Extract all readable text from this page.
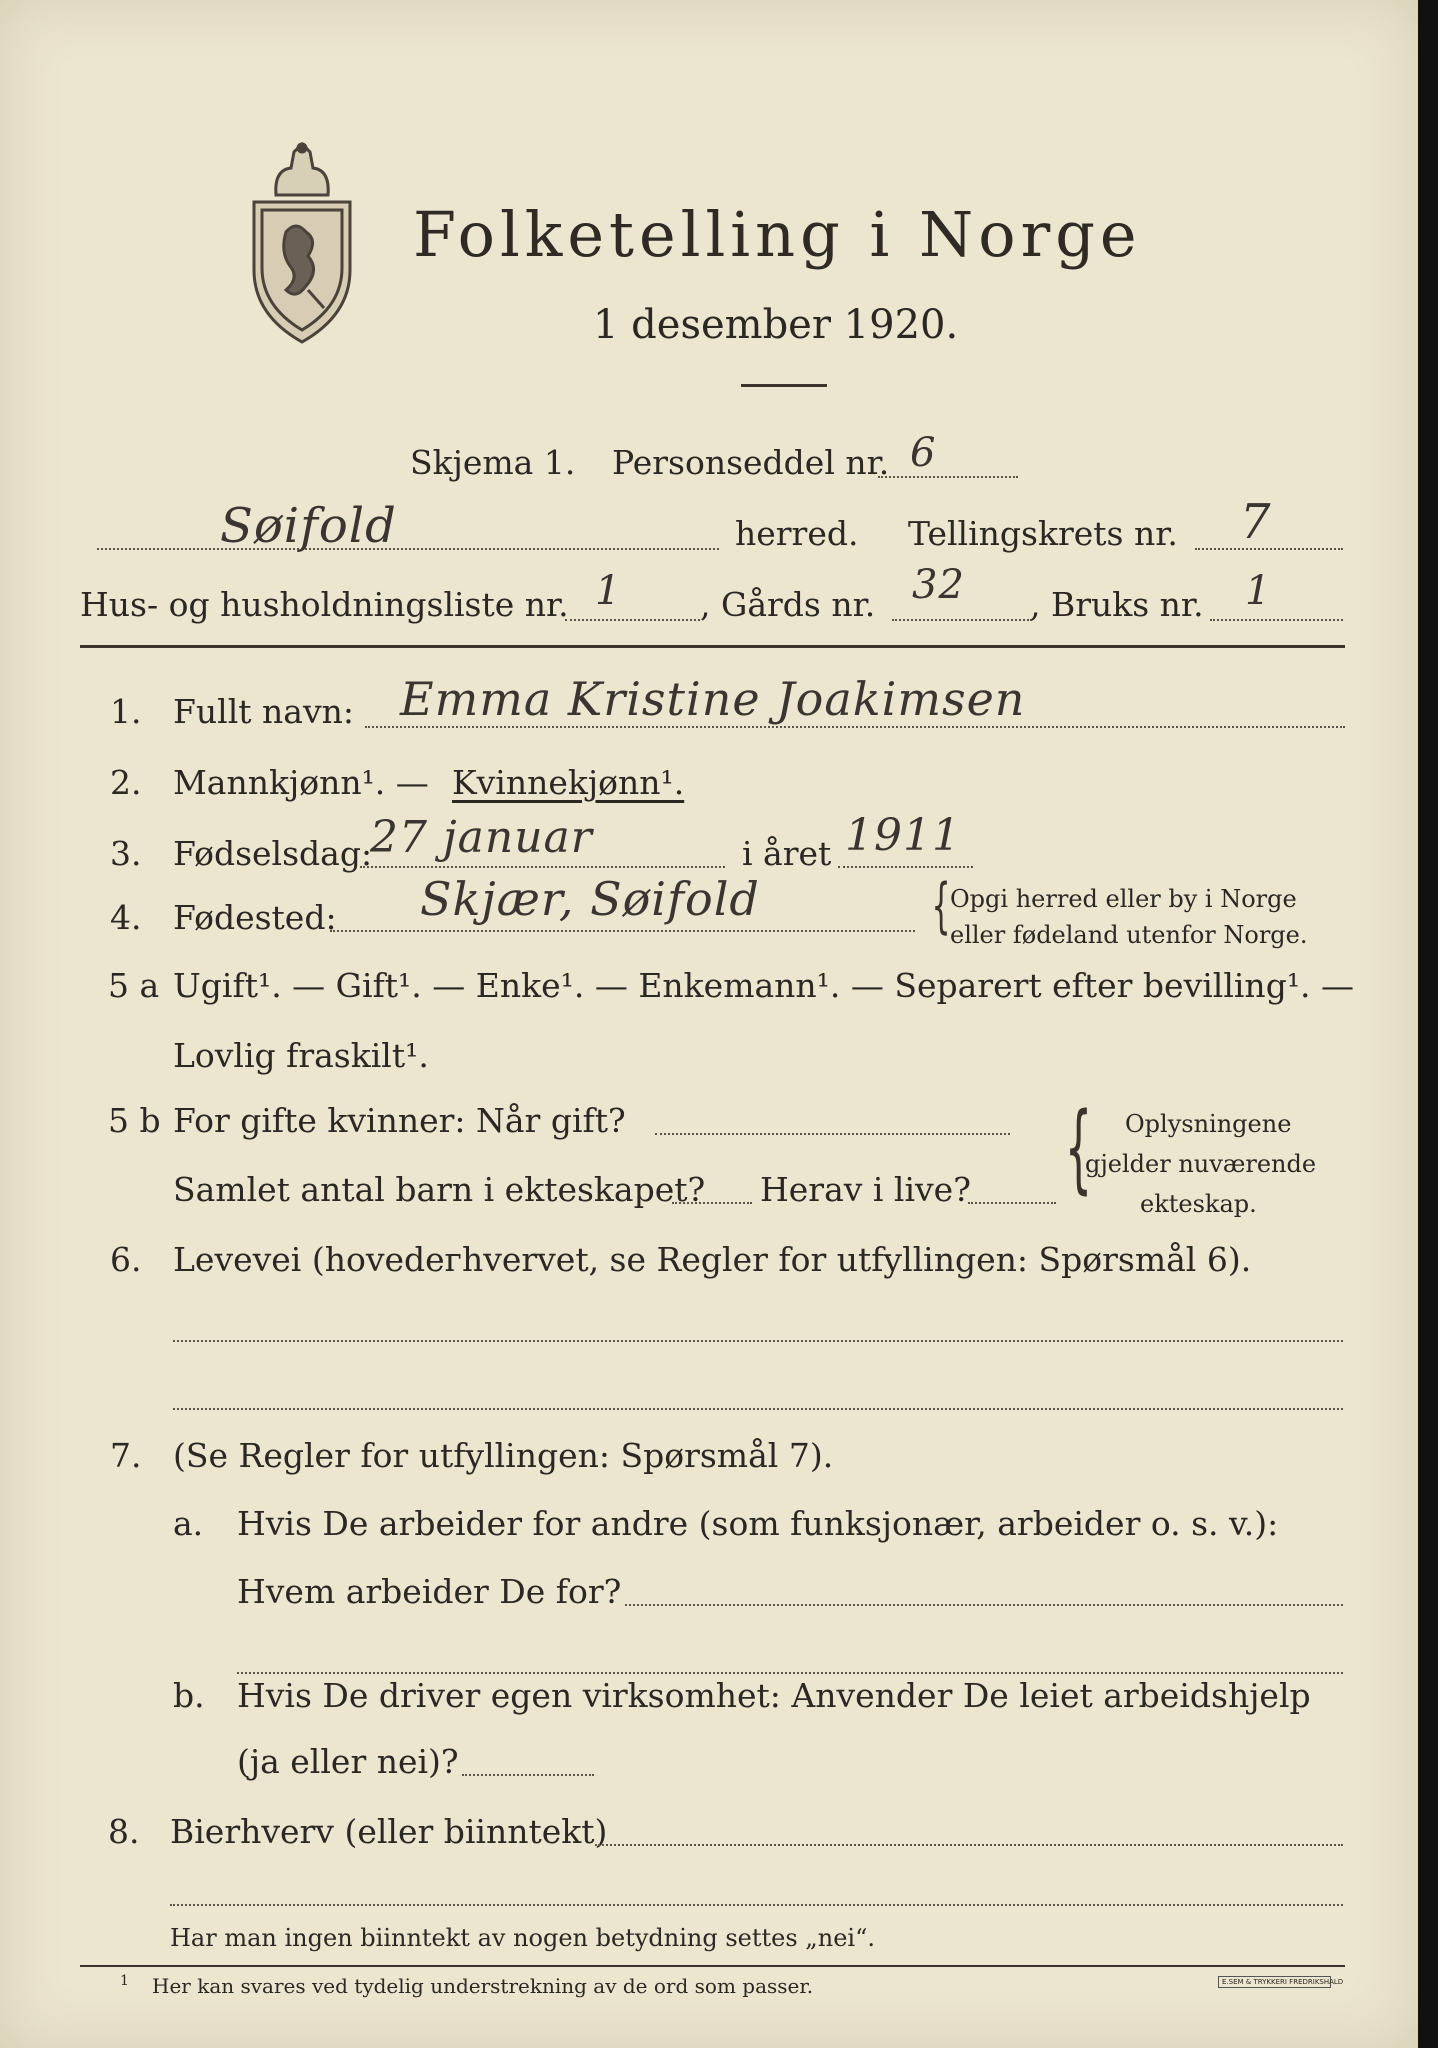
Folketelling i Norge
1 desember 1920.
Skjema 1. Personseddel nr. 6
Søifold	herred. Tellingskrets nr. 7
Hus- og husholdningsliste nr. 1 , Gårds nr. 32 , Bruks nr. 1
1. Fullt navn: Emma Kristine Joakimsen
2. Mannkjønn¹. — Kvinnekjønn¹.
3. Fødselsdag:
27 januar	i året 1911
4. Fødested: Skjær, Søifold	{ Opgi herred eller by i Norge
eller fødeland utenfor Norge.
5 a Ugift¹. — Gift¹. — Enke¹. — Enkemann¹. — Separert efter bevilling¹. —
Lovlig fraskilt¹.
5 b For gifte kvinner: Når gift?
Samlet antal barn i ekteskapet? Herav i live? { Oplysningene
gjelder nuværende
ekteskap.
6. Levevei (hovedeгhvervet, se Regler for utfyllingen: Spørsmål 6).
7. (Se Regler for utfyllingen: Spørsmål 7).
a. Hvis De arbeider for andre (som funksjonær, arbeider o. s. v.):
Hvem arbeider De for?
b. Hvis De driver egen virksomhet: Anvender De leiet arbeidshjelp
(ja eller nei)?
8. Bierhverv (eller biinntekt)
Har man ingen biinntekt av nogen betydning settes „nei“.
1 Her kan svares ved tydelig understrekning av de ord som passer.	E.SEM & TRYKKERI FREDRIKSHALD
